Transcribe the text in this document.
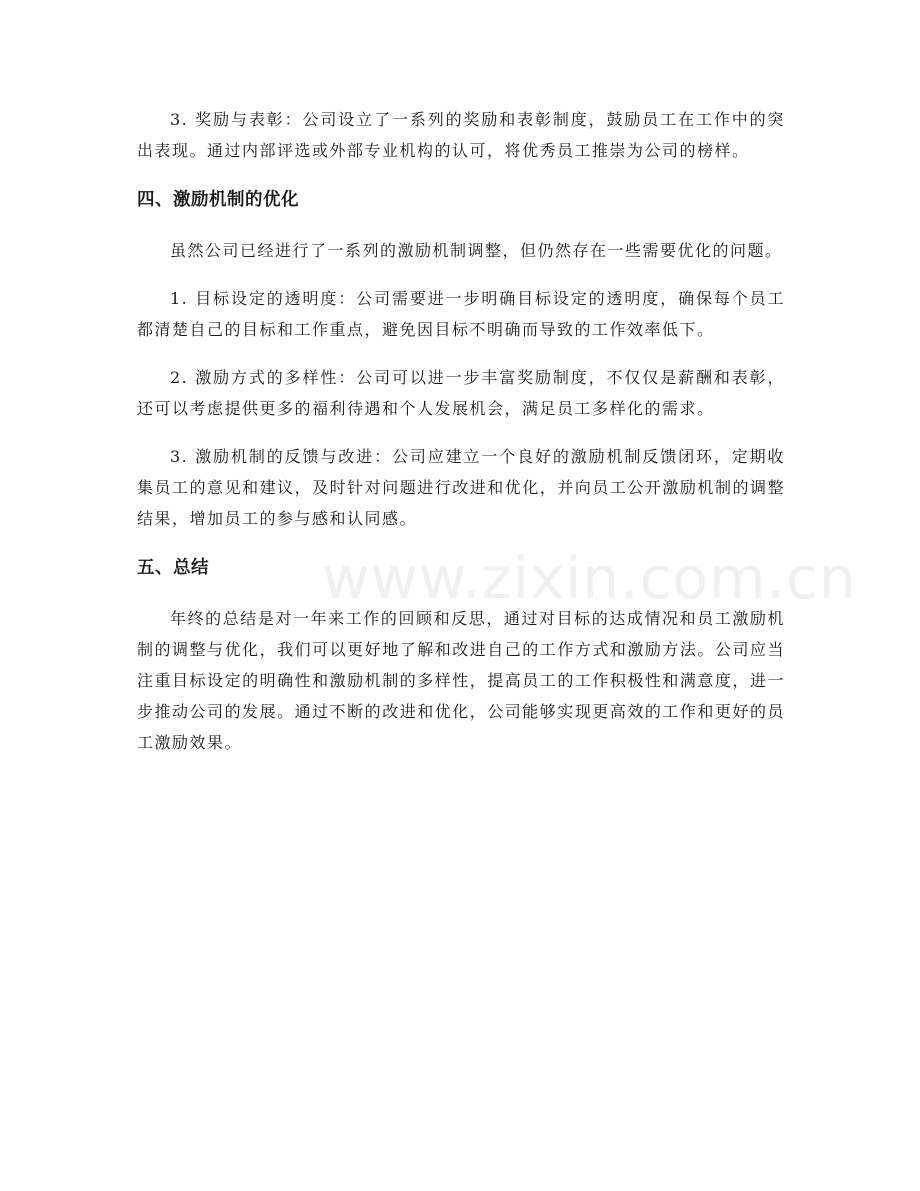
3. 奖励与表彰：公司设立了一系列的奖励和表彰制度，鼓励员工在工作中的突出表现。通过内部评选或外部专业机构的认可，将优秀员工推崇为公司的榜样。

四、激励机制的优化

虽然公司已经进行了一系列的激励机制调整，但仍然存在一些需要优化的问题。

1. 目标设定的透明度：公司需要进一步明确目标设定的透明度，确保每个员工都清楚自己的目标和工作重点，避免因目标不明确而导致的工作效率低下。

2. 激励方式的多样性：公司可以进一步丰富奖励制度，不仅仅是薪酬和表彰，还可以考虑提供更多的福利待遇和个人发展机会，满足员工多样化的需求。

3. 激励机制的反馈与改进：公司应建立一个良好的激励机制反馈闭环，定期收集员工的意见和建议，及时针对问题进行改进和优化，并向员工公开激励机制的调整结果，增加员工的参与感和认同感。

五、总结

年终的总结是对一年来工作的回顾和反思，通过对目标的达成情况和员工激励机制的调整与优化，我们可以更好地了解和改进自己的工作方式和激励方法。公司应当注重目标设定的明确性和激励机制的多样性，提高员工的工作积极性和满意度，进一步推动公司的发展。通过不断的改进和优化，公司能够实现更高效的工作和更好的员工激励效果。

www.zixin.com.cn
